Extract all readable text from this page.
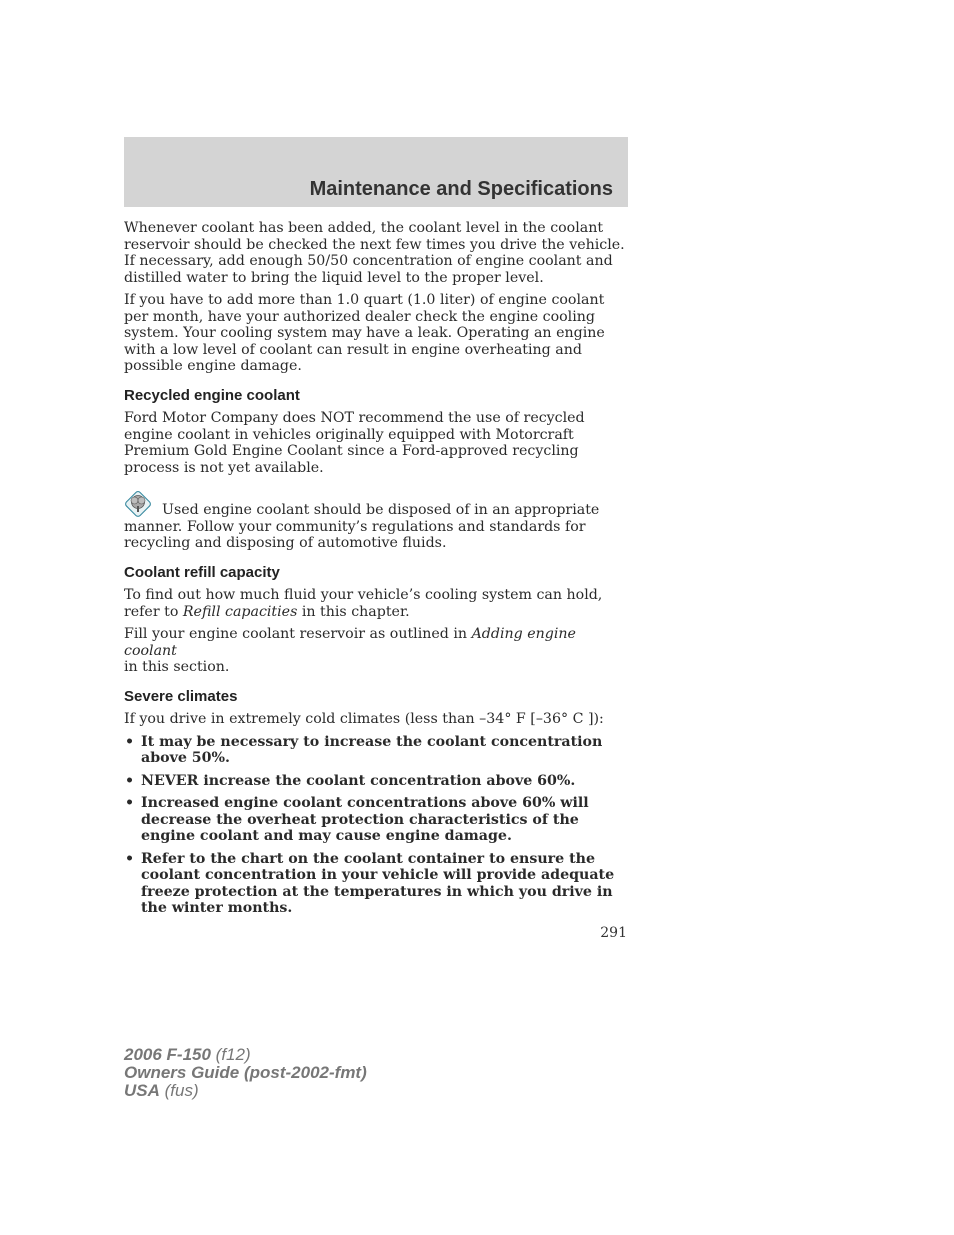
Maintenance and Specifications

Whenever coolant has been added, the coolant level in the coolant reservoir should be checked the next few times you drive the vehicle. If necessary, add enough 50/50 concentration of engine coolant and distilled water to bring the liquid level to the proper level.

If you have to add more than 1.0 quart (1.0 liter) of engine coolant per month, have your authorized dealer check the engine cooling system. Your cooling system may have a leak. Operating an engine with a low level of coolant can result in engine overheating and possible engine damage.

Recycled engine coolant

Ford Motor Company does NOT recommend the use of recycled engine coolant in vehicles originally equipped with Motorcraft Premium Gold Engine Coolant since a Ford-approved recycling process is not yet available.

Used engine coolant should be disposed of in an appropriate manner. Follow your community’s regulations and standards for recycling and disposing of automotive fluids.

Coolant refill capacity

To find out how much fluid your vehicle’s cooling system can hold, refer to Refill capacities in this chapter.

Fill your engine coolant reservoir as outlined in Adding engine coolant
in this section.

Severe climates

If you drive in extremely cold climates (less than –34° F [–36° C ]):

• It may be necessary to increase the coolant concentration above 50%.
• NEVER increase the coolant concentration above 60%.
• Increased engine coolant concentrations above 60% will decrease the overheat protection characteristics of the engine coolant and may cause engine damage.
• Refer to the chart on the coolant container to ensure the coolant concentration in your vehicle will provide adequate freeze protection at the temperatures in which you drive in the winter months.
291
2006 F-150 (f12)
Owners Guide (post-2002-fmt)
USA (fus)
